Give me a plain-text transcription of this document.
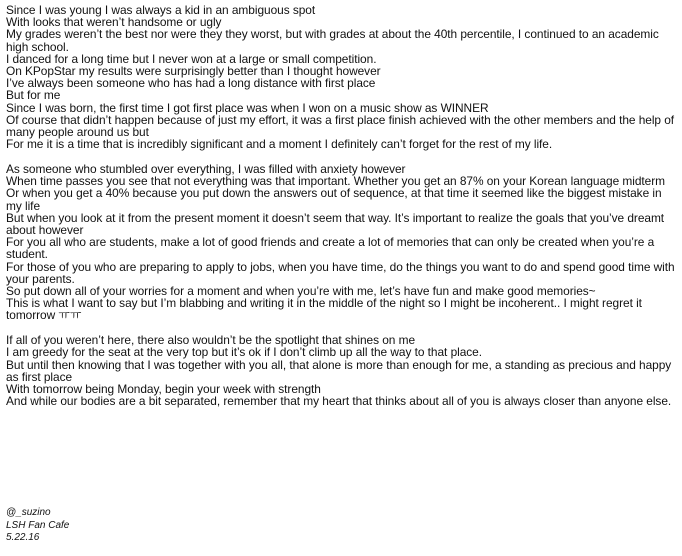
Since I was young I was always a kid in an ambiguous spot
With looks that weren’t handsome or ugly
My grades weren’t the best nor were they they worst, but with grades at about the 40th percentile, I continued to an academic high school.
I danced for a long time but I never won at a large or small competition.
On KPopStar my results were surprisingly better than I thought however
I’ve always been someone who has had a long distance with first place
But for me
Since I was born, the first time I got first place was when I won on a music show as WINNER
Of course that didn’t happen because of just my effort, it was a first place finish achieved with the other members and the help of many people around us but
For me it is a time that is incredibly significant and a moment I definitely can’t forget for the rest of my life.
As someone who stumbled over everything, I was filled with anxiety however
When time passes you see that not everything was that important. Whether you get an 87% on your Korean language midterm
Or when you get a 40% because you put down the answers out of sequence, at that time it seemed like the biggest mistake in my life
But when you look at it from the present moment it doesn’t seem that way. It’s important to realize the goals that you’ve dreamt about however
For you all who are students, make a lot of good friends and create a lot of memories that can only be created when you’re a student.
For those of you who are preparing to apply to jobs, when you have time, do the things you want to do and spend good time with your parents.
So put down all of your worries for a moment and when you’re with me, let’s have fun and make good memories~
This is what I want to say but I’m blabbing and writing it in the middle of the night so I might be incoherent.. I might regret it tomorrow ㅠㅠ
If all of you weren’t here, there also wouldn’t be the spotlight that shines on me
I am greedy for the seat at the very top but it’s ok if I don’t climb up all the way to that place.
But until then knowing that I was together with you all, that alone is more than enough for me, a standing as precious and happy as first place
With tomorrow being Monday, begin your week with strength
And while our bodies are a bit separated, remember that my heart that thinks about all of you is always closer than anyone else.
@_suzino
LSH Fan Cafe
5.22.16
